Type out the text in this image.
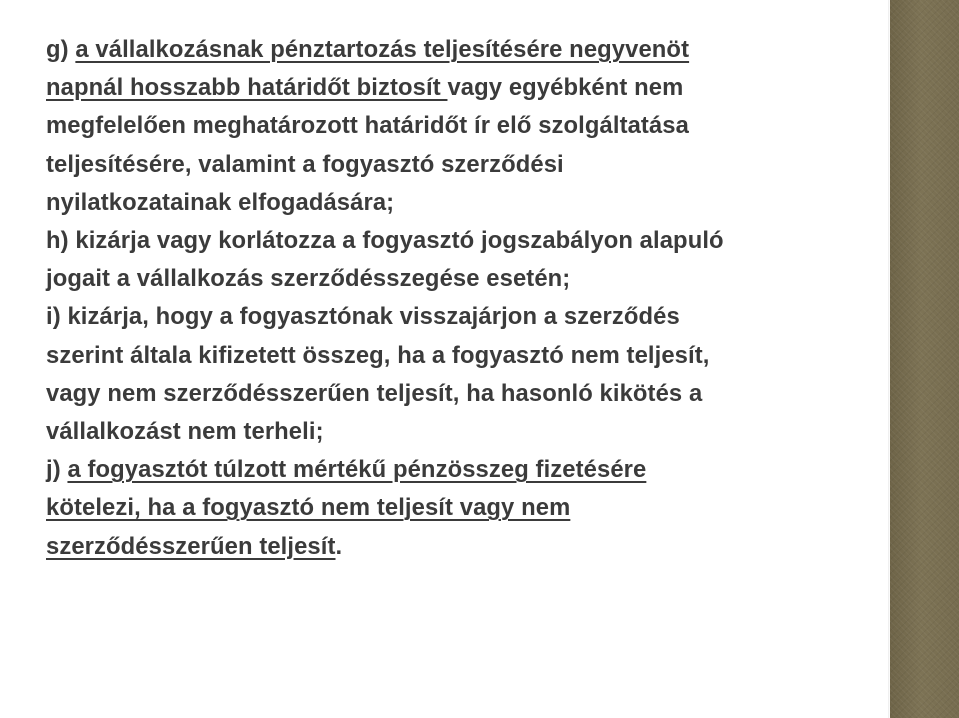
g) a vállalkozásnak pénztartozás teljesítésére negyvenöt
napnál hosszabb határidőt biztosít vagy egyébként nem
megfelelően meghatározott határidőt ír elő szolgáltatása
teljesítésére, valamint a fogyasztó szerződési
nyilatkozatainak elfogadására;
h) kizárja vagy korlátozza a fogyasztó jogszabályon alapuló
jogait a vállalkozás szerződésszegése esetén;
i) kizárja, hogy a fogyasztónak visszajárjon a szerződés
szerint általa kifizetett összeg, ha a fogyasztó nem teljesít,
vagy nem szerződésszerűen teljesít, ha hasonló kikötés a
vállalkozást nem terheli;
j) a fogyasztót túlzott mértékű pénzösszeg fizetésére
kötelezi, ha a fogyasztó nem teljesít vagy nem
szerződésszerűen teljesít.
